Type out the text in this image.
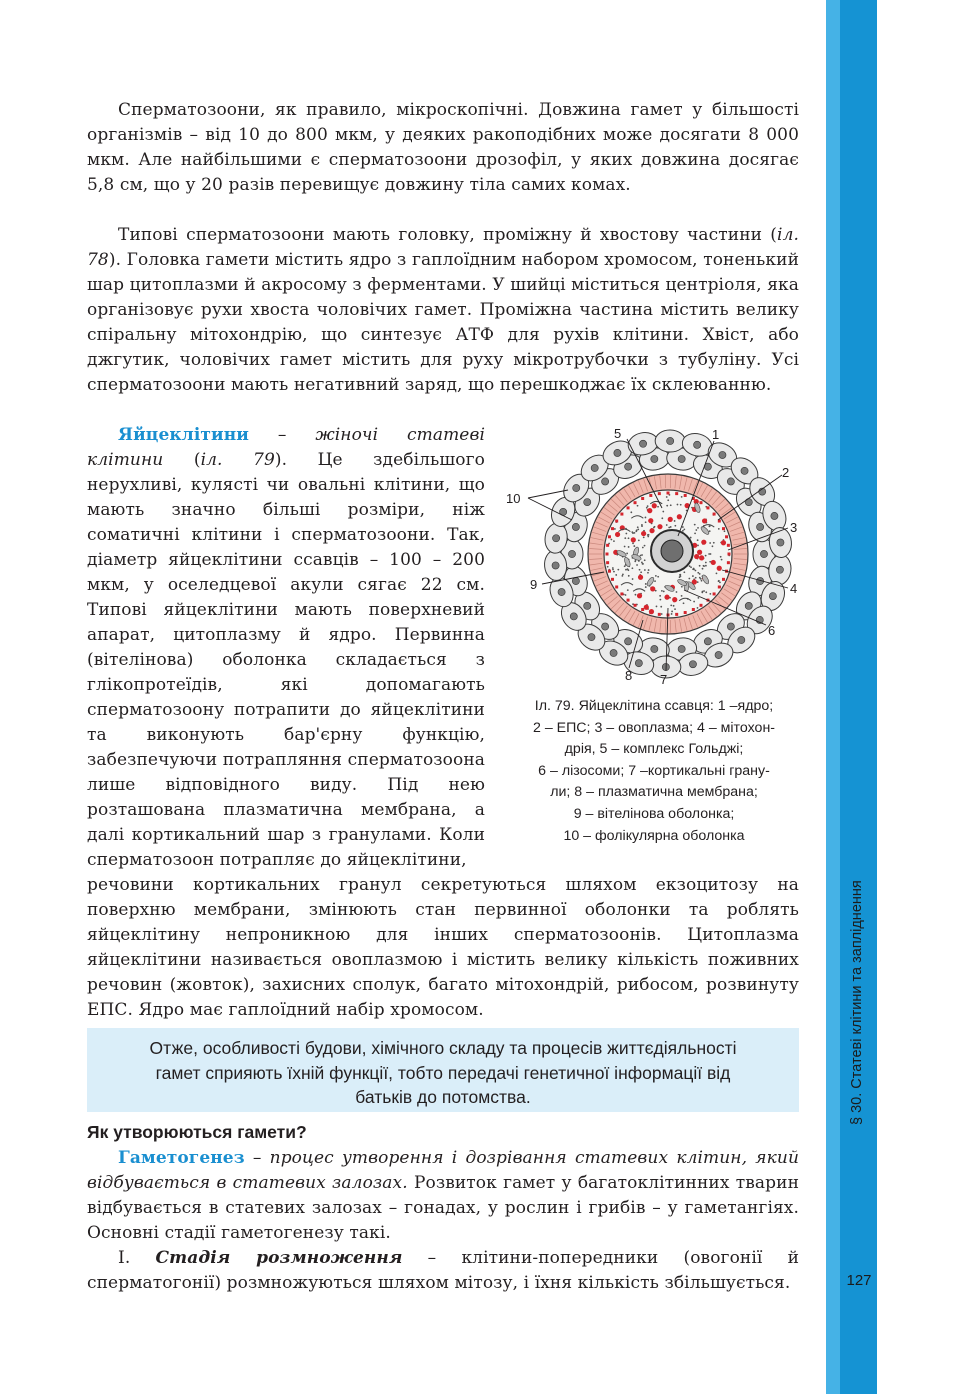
§ 30. Статеві клітини та запліднення
127

Сперматозоони, як правило, мікроскопічні. Довжина гамет у більшості організмів – від 10 до 800 мкм, у деяких ракоподібних може досягати 8 000 мкм. Але найбільшими є сперматозоони дрозофіл, у яких довжина досягає 5,8 см, що у 20 разів перевищує довжину тіла самих комах.

Типові сперматозоони мають головку, проміжну й хвостову частини (іл. 78). Головка гамети містить ядро з гаплоїдним набором хромосом, тоненький шар цитоплазми й акросому з ферментами. У шийці міститься центріоля, яка організовує рухи хвоста чоловічих гамет. Проміжна частина містить велику спіральну мітохондрію, що синтезує АТФ для рухів клітини. Хвіст, або джгутик, чоловічих гамет містить для руху мікротрубочки з тубуліну. Усі сперматозоони мають негативний заряд, що перешкоджає їх склеюванню.

Яйцеклітини – жіночі статеві клітини (іл. 79). Це здебільшого нерухливі, кулясті чи овальні клітини, що мають значно більші розміри, ніж соматичні клітини і сперматозоони. Так, діаметр яйцеклітини ссавців – 100 – 200 мкм, у оселедцевої акули сягає 22 см. Типові яйцеклітини мають поверхневий апарат, цитоплазму й ядро. Первинна (вітелінова) оболонка складається з глікопротеїдів, які допомагають сперматозоону потрапити до яйцеклітини та виконують бар'єрну функцію, забезпечуючи потрапляння сперматозоона лише відповідного виду. Під нею розташована плазматична мембрана, а далі кортикальний шар з гранулами. Коли сперматозоон потрапляє до яйцеклітини,

речовини кортикальних гранул секретуються шляхом екзоцитозу на поверхню мембрани, змінюють стан первинної оболонки та роблять яйцеклітину непроникною для інших сперматозоонів. Цитоплазма яйцеклітини називається овоплазмою і містить велику кількість поживних речовин (жовток), захисних сполук, багато мітохондрій, рибосом, розвинуту ЕПС. Ядро має гаплоїдний набір хромосом.

Отже, особливості будови, хімічного складу та процесів життєдіяльності гамет сприяють їхній функції, тобто передачі генетичної інформації від батьків до потомства.
Як утворюються гамети?

Гаметогенез – процес утворення і дозрівання статевих клітин, який відбувається в статевих залозах. Розвиток гамет у багатоклітинних тварин відбувається в статевих залозах – гонадах, у рослин і грибів – у гаметангіях. Основні стадії гаметогенезу такі.

І. Стадія розмноження – клітини-попередники (овогонії й сперматогонії) розмножуються шляхом мітозу, і їхня кількість збільшується.

1
2
3
4
5
6
7
8
9
10
Іл. 79. Яйцеклітина ссавця: 1 –ядро;
2 – ЕПС; 3 – овоплазма; 4 – мітохон-
дрія, 5 – комплекс Гольджі;
6 – лізосоми; 7 –кортикальні грану-
ли; 8 – плазматична мембрана;
9 – вітелінова оболонка;
10 – фолікулярна оболонка
